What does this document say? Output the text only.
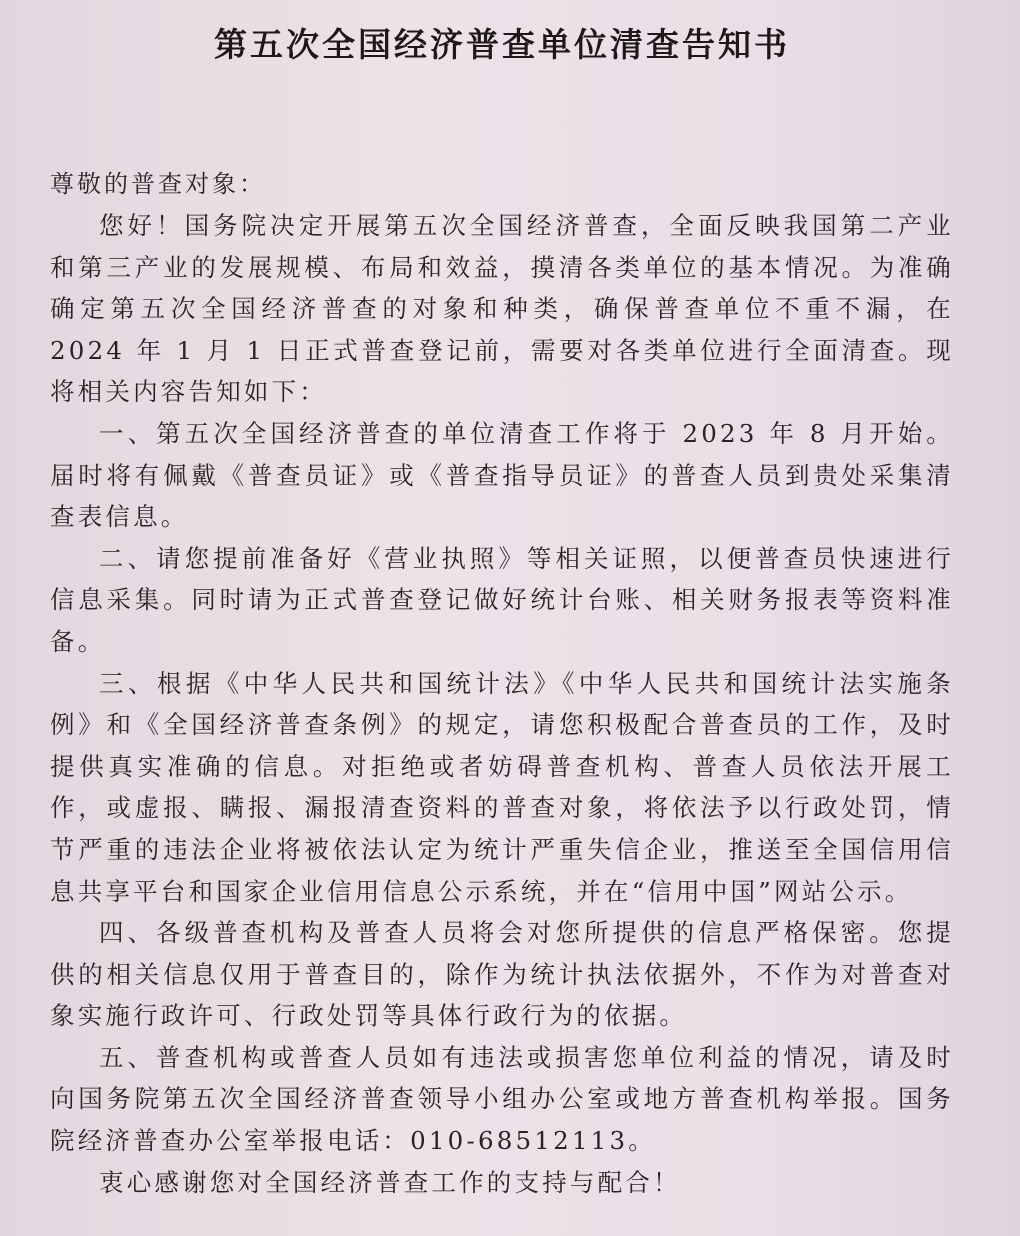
第五次全国经济普查单位清查告知书

尊敬的普查对象：

您好！国务院决定开展第五次全国经济普查，全面反映我国第二产业和第三产业的发展规模、布局和效益，摸清各类单位的基本情况。为准确确定第五次全国经济普查的对象和种类，确保普查单位不重不漏，在 2024 年 1 月 1 日正式普查登记前，需要对各类单位进行全面清查。现将相关内容告知如下：

一、第五次全国经济普查的单位清查工作将于 2023 年 8 月开始。届时将有佩戴《普查员证》或《普查指导员证》的普查人员到贵处采集清查表信息。

二、请您提前准备好《营业执照》等相关证照，以便普查员快速进行信息采集。同时请为正式普查登记做好统计台账、相关财务报表等资料准备。

三、根据《中华人民共和国统计法》《中华人民共和国统计法实施条例》和《全国经济普查条例》的规定，请您积极配合普查员的工作，及时提供真实准确的信息。对拒绝或者妨碍普查机构、普查人员依法开展工作，或虚报、瞒报、漏报清查资料的普查对象，将依法予以行政处罚，情节严重的违法企业将被依法认定为统计严重失信企业，推送至全国信用信息共享平台和国家企业信用信息公示系统，并在“信用中国”网站公示。

四、各级普查机构及普查人员将会对您所提供的信息严格保密。您提供的相关信息仅用于普查目的，除作为统计执法依据外，不作为对普查对象实施行政许可、行政处罚等具体行政行为的依据。

五、普查机构或普查人员如有违法或损害您单位利益的情况，请及时向国务院第五次全国经济普查领导小组办公室或地方普查机构举报。国务院经济普查办公室举报电话：010-68512113。

衷心感谢您对全国经济普查工作的支持与配合！
